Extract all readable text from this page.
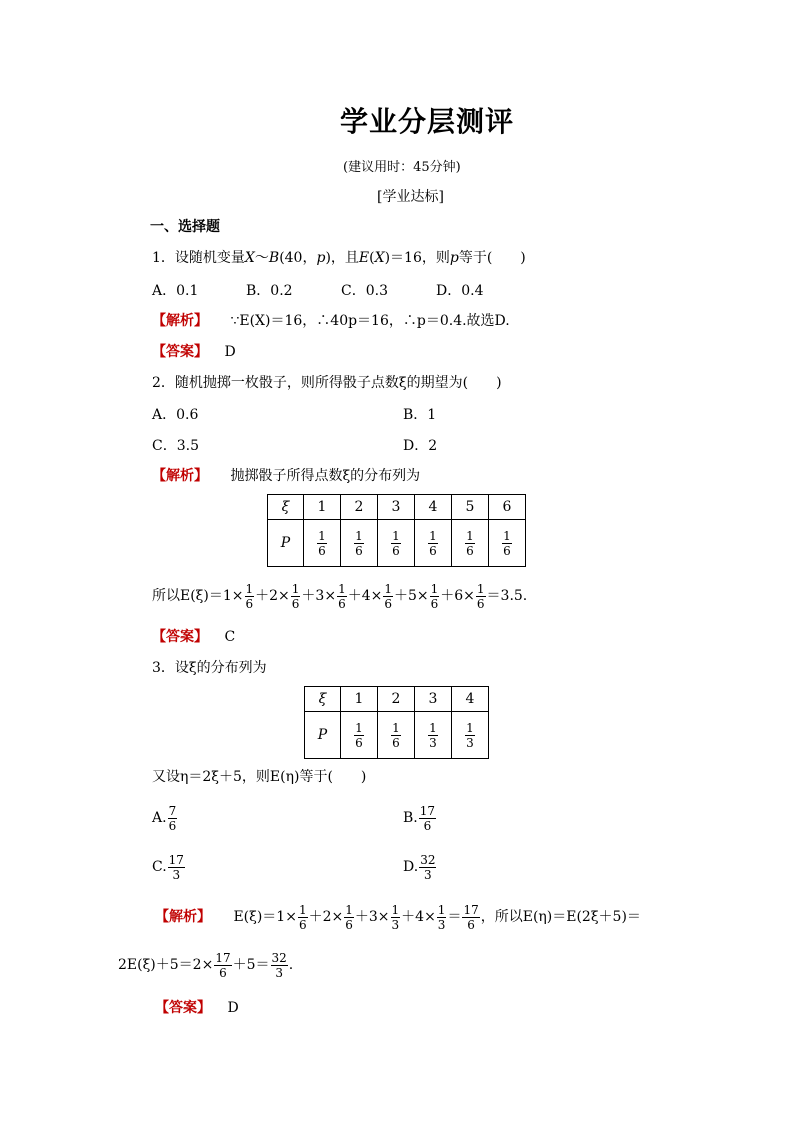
学业分层测评
(建议用时：45分钟)
[学业达标]
一、选择题
1．设随机变量X～B(40，p)，且E(X)＝16，则p等于(　　)
A．0.1	B．0.2	C．0.3	D．0.4
【解析】 ∵E(X)＝16，∴40p＝16，∴p＝0.4.故选D.
【答案】 D
2．随机抛掷一枚骰子，则所得骰子点数ξ的期望为(　　)
A．0.6	B．1
C．3.5	D．2
【解析】 抛掷骰子所得点数ξ的分布列为
ξ	1	2	3	4	5	6
P	$\frac{1}{6}$	$\frac{1}{6}$	$\frac{1}{6}$	$\frac{1}{6}$	$\frac{1}{6}$	$\frac{1}{6}$
所以$E(\xi)=1\times \frac{1}{6} +2\times \frac{1}{6} +3\times \frac{1}{6} +4\times \frac{1}{6} +5\times \frac{1}{6} +6\times \frac{1}{6} =3.5$.
【答案】 C
3．设ξ的分布列为
ξ	1	2	3	4
P	$\frac{1}{6}$	$\frac{1}{6}$	$\frac{1}{3}$	$\frac{1}{3}$
又设η＝2ξ＋5，则E(η)等于(　　)
A. $\frac{7}{6}$	B. $\frac{17}{6}$
C. $\frac{17}{3}$	D. $\frac{32}{3}$
【解析】 $E(\xi)=1\times \frac{1}{6} +2\times \frac{1}{6} +3\times \frac{1}{3} +4\times \frac{1}{3} = \frac{17}{6}$ ，所以E(η)＝E(2ξ＋5)＝
$2E(\xi)+5=2\times \frac{17}{6} +5= \frac{32}{3}$ .
【答案】 D
